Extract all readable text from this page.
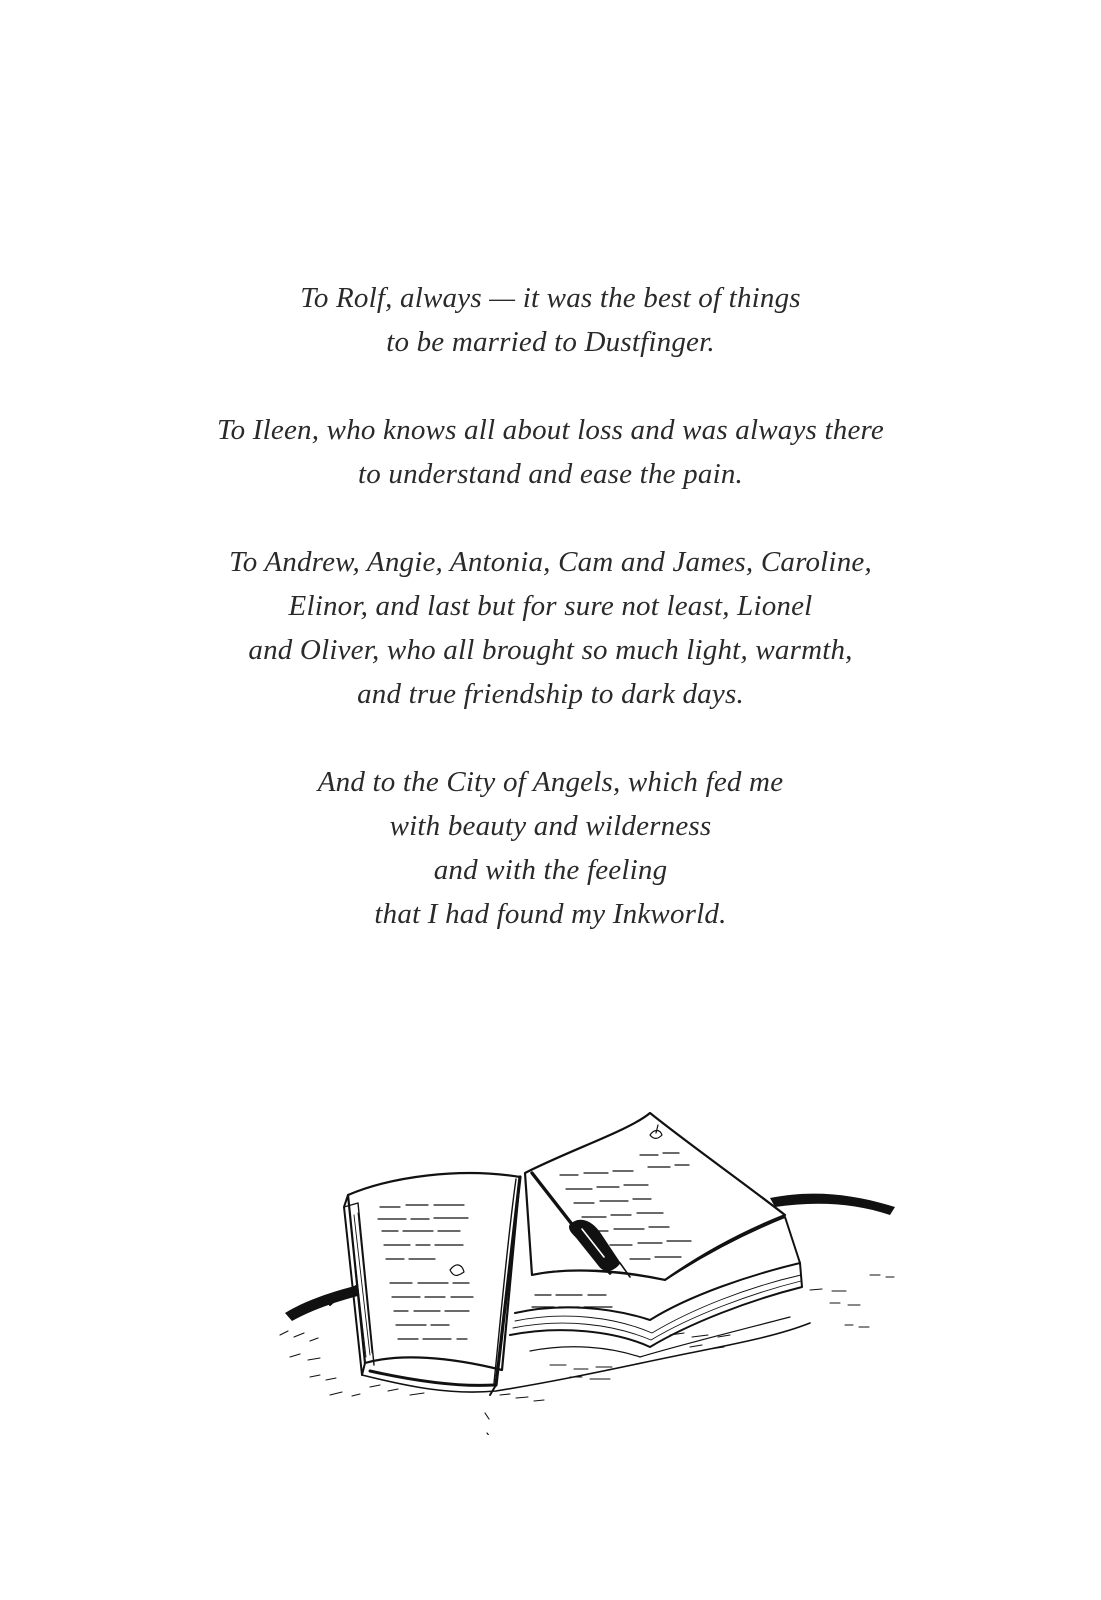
To Rolf, always — it was the best of things
to be married to Dustfinger.

To Ileen, who knows all about loss and was always there
to understand and ease the pain.

To Andrew, Angie, Antonia, Cam and James, Caroline,
Elinor, and last but for sure not least, Lionel
and Oliver, who all brought so much light, warmth,
and true friendship to dark days.

And to the City of Angels, which fed me
with beauty and wilderness
and with the feeling
that I had found my Inkworld.
